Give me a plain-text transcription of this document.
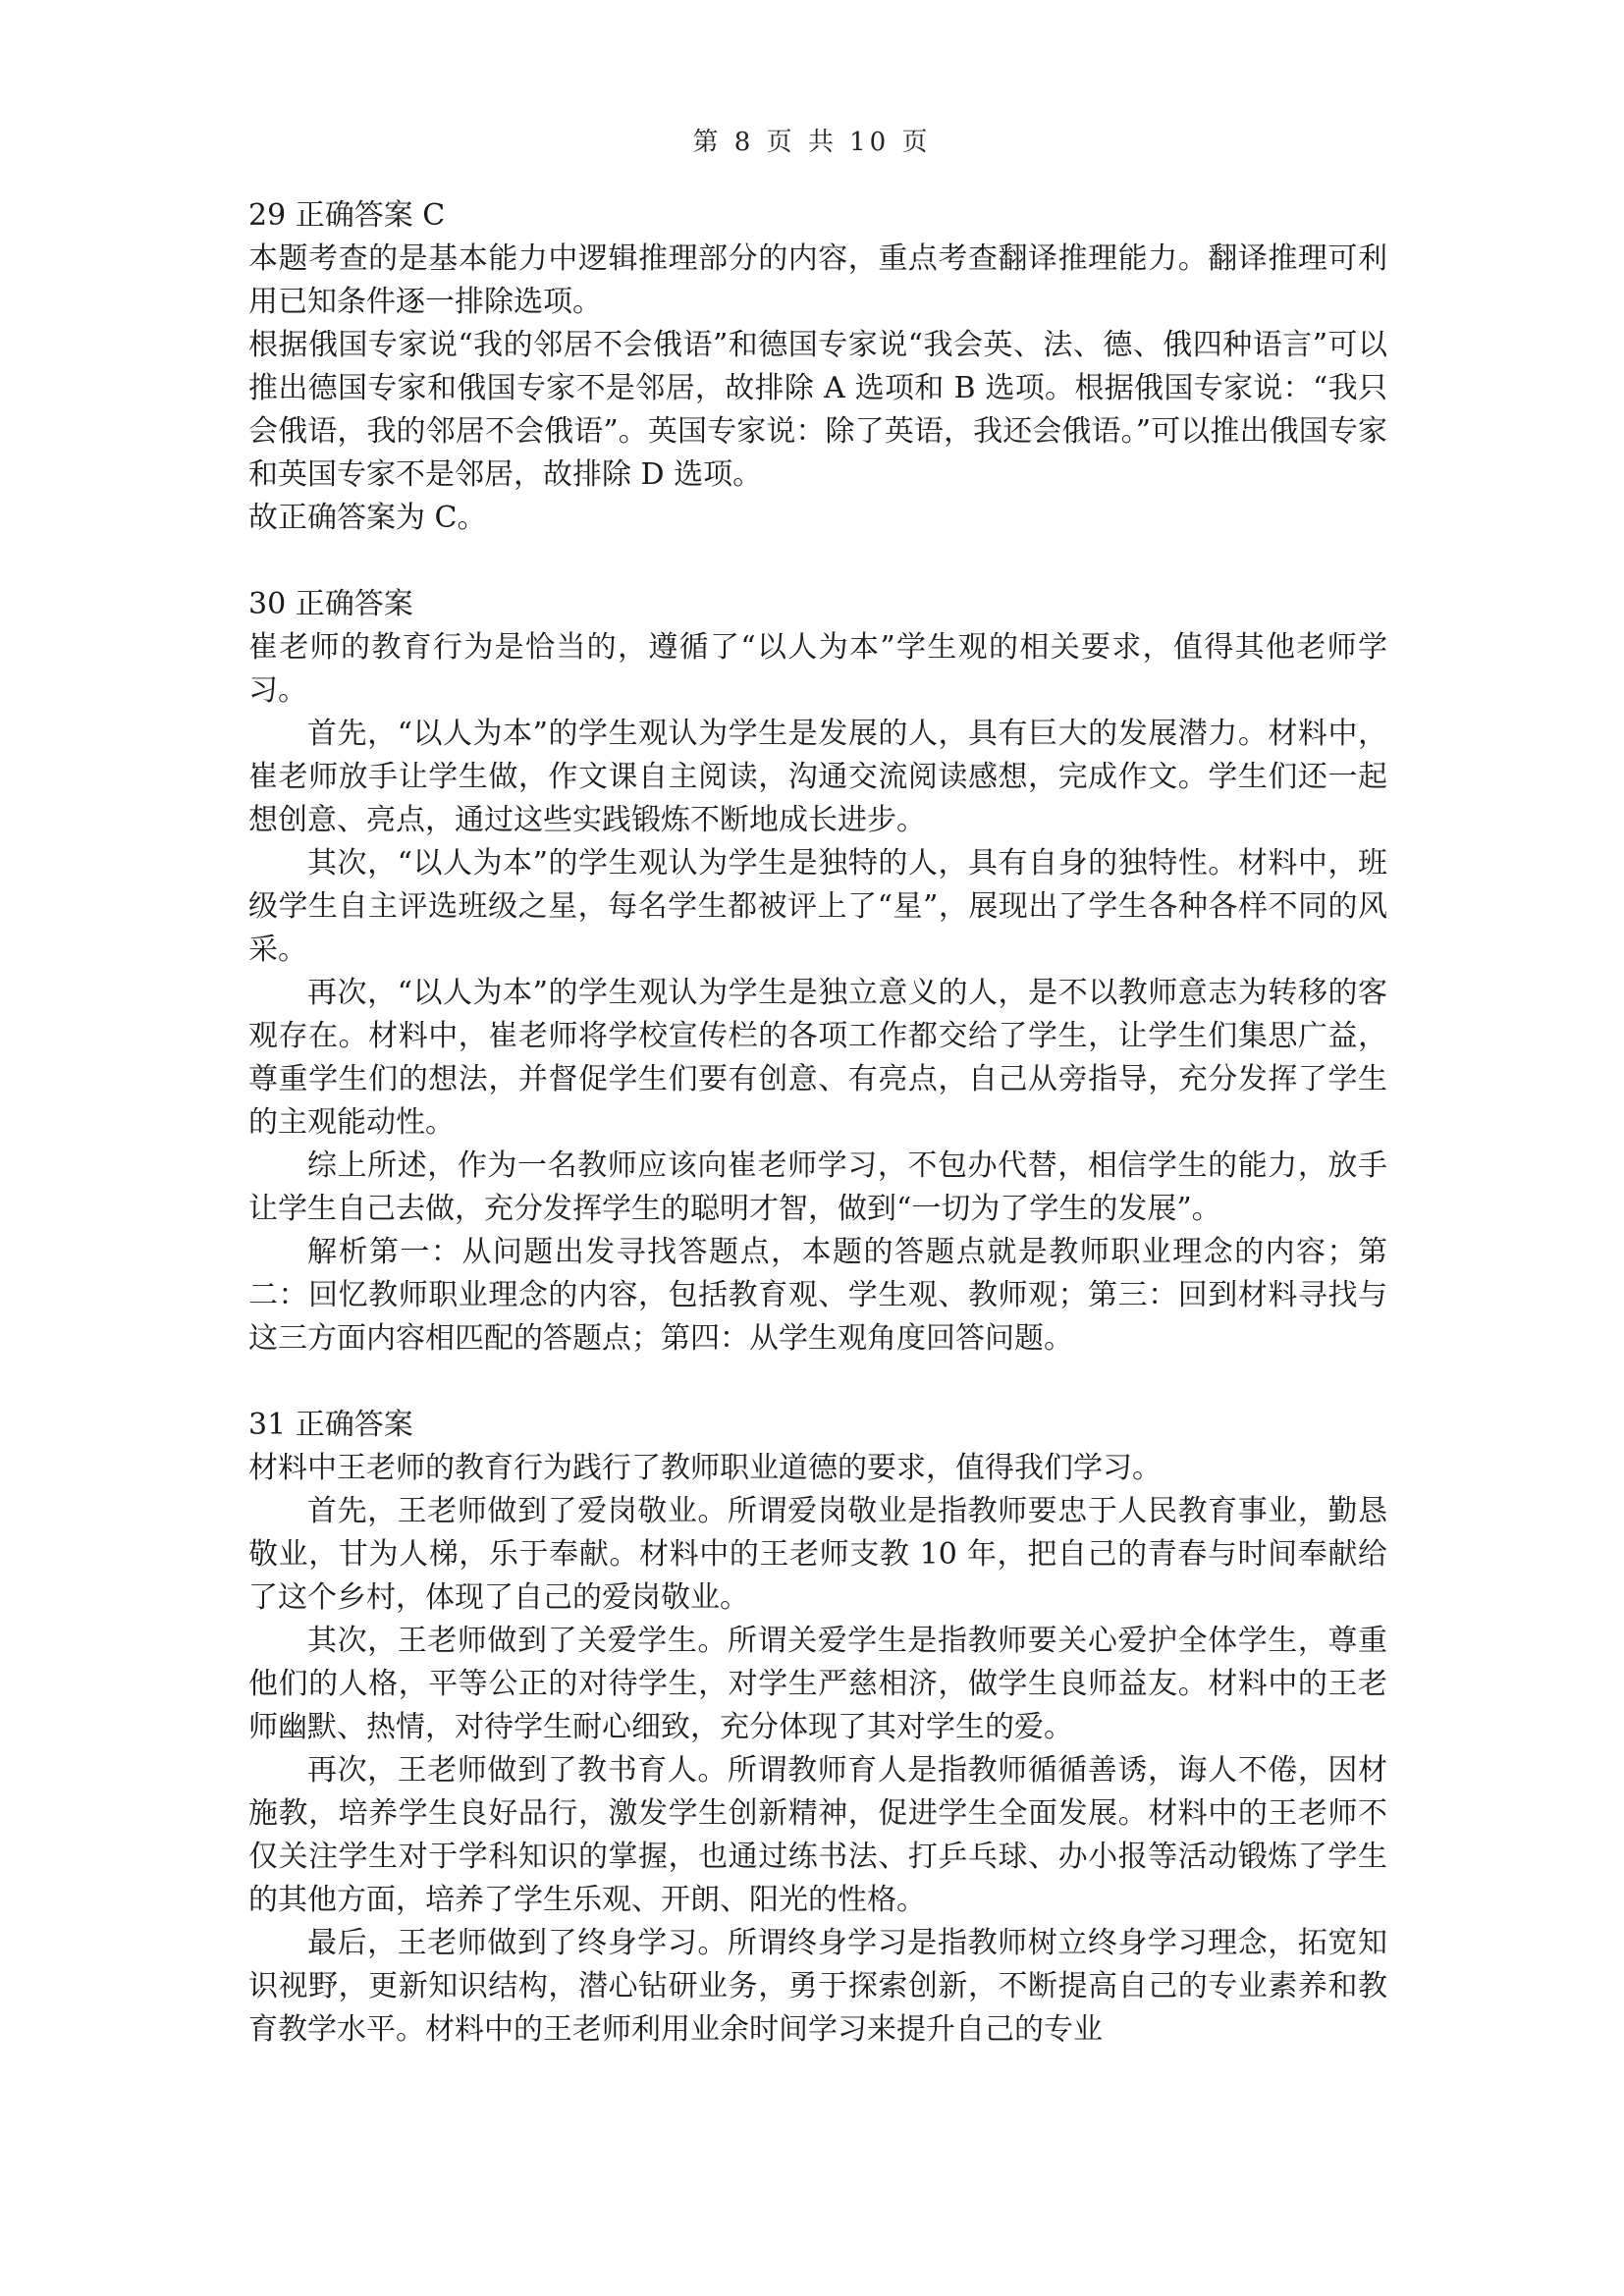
第 8 页 共 10 页

29 正确答案 C

本题考查的是基本能力中逻辑推理部分的内容，重点考查翻译推理能力。翻译推理可利用已知条件逐一排除选项。

根据俄国专家说“我的邻居不会俄语”和德国专家说“我会英、法、德、俄四种语言”可以推出德国专家和俄国专家不是邻居，故排除 A 选项和 B 选项。根据俄国专家说：“我只会俄语，我的邻居不会俄语”。英国专家说：除了英语，我还会俄语。”可以推出俄国专家和英国专家不是邻居，故排除 D 选项。

故正确答案为 C。

30 正确答案

崔老师的教育行为是恰当的，遵循了“以人为本”学生观的相关要求，值得其他老师学习。

首先，“以人为本”的学生观认为学生是发展的人，具有巨大的发展潜力。材料中，崔老师放手让学生做，作文课自主阅读，沟通交流阅读感想，完成作文。学生们还一起想创意、亮点，通过这些实践锻炼不断地成长进步。

其次，“以人为本”的学生观认为学生是独特的人，具有自身的独特性。材料中，班级学生自主评选班级之星，每名学生都被评上了“星”，展现出了学生各种各样不同的风采。

再次，“以人为本”的学生观认为学生是独立意义的人，是不以教师意志为转移的客观存在。材料中，崔老师将学校宣传栏的各项工作都交给了学生，让学生们集思广益，尊重学生们的想法，并督促学生们要有创意、有亮点，自己从旁指导，充分发挥了学生的主观能动性。

综上所述，作为一名教师应该向崔老师学习，不包办代替，相信学生的能力，放手让学生自己去做，充分发挥学生的聪明才智，做到“一切为了学生的发展”。

解析第一：从问题出发寻找答题点，本题的答题点就是教师职业理念的内容；第二：回忆教师职业理念的内容，包括教育观、学生观、教师观；第三：回到材料寻找与这三方面内容相匹配的答题点；第四：从学生观角度回答问题。

31 正确答案

材料中王老师的教育行为践行了教师职业道德的要求，值得我们学习。

首先，王老师做到了爱岗敬业。所谓爱岗敬业是指教师要忠于人民教育事业，勤恳敬业，甘为人梯，乐于奉献。材料中的王老师支教 10 年，把自己的青春与时间奉献给了这个乡村，体现了自己的爱岗敬业。

其次，王老师做到了关爱学生。所谓关爱学生是指教师要关心爱护全体学生，尊重他们的人格，平等公正的对待学生，对学生严慈相济，做学生良师益友。材料中的王老师幽默、热情，对待学生耐心细致，充分体现了其对学生的爱。

再次，王老师做到了教书育人。所谓教师育人是指教师循循善诱，诲人不倦，因材施教，培养学生良好品行，激发学生创新精神，促进学生全面发展。材料中的王老师不仅关注学生对于学科知识的掌握，也通过练书法、打乒乓球、办小报等活动锻炼了学生的其他方面，培养了学生乐观、开朗、阳光的性格。

最后，王老师做到了终身学习。所谓终身学习是指教师树立终身学习理念，拓宽知识视野，更新知识结构，潜心钻研业务，勇于探索创新，不断提高自己的专业素养和教育教学水平。材料中的王老师利用业余时间学习来提升自己的专业
